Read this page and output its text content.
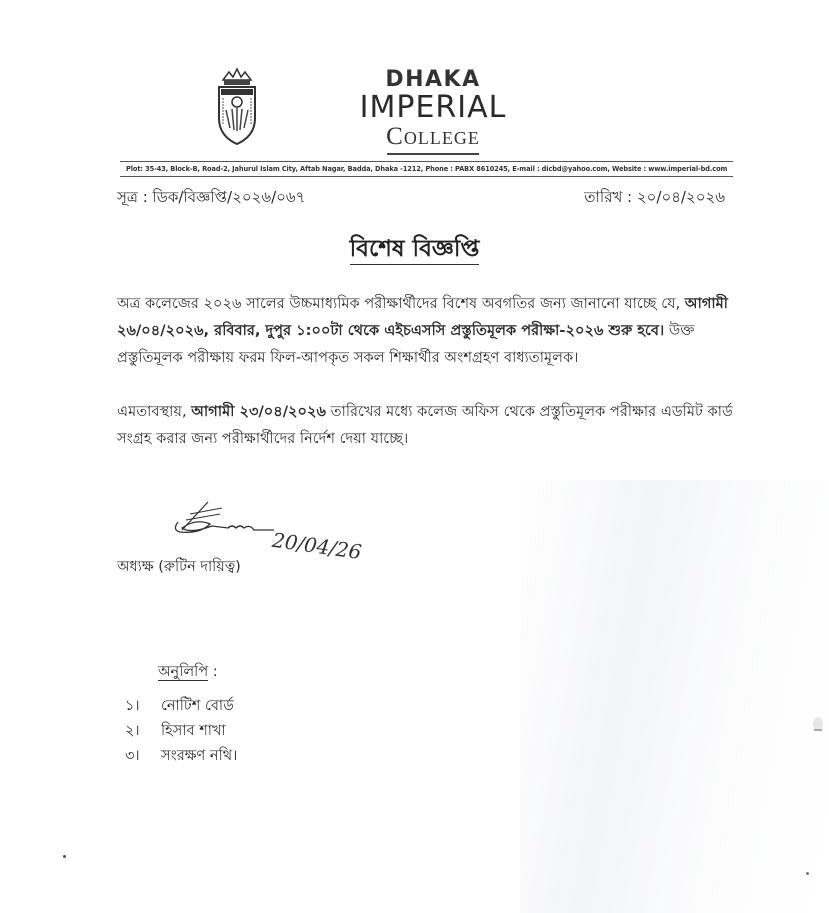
DHAKA
IMPERIAL
College
Plot: 35-43, Block-B, Road-2, Jahurul Islam City, Aftab Nagar, Badda, Dhaka -1212, Phone : PABX 8610245, E-mail : dicbd@yahoo.com, Website : www.imperial-bd.com
সূত্র : ডিক/বিজ্ঞপ্তি/২০২৬/০৬৭	তারিখ : ২০/০৪/২০২৬
বিশেষ বিজ্ঞপ্তি
অত্র কলেজের ২০২৬ সালের উচ্চমাধ্যমিক পরীক্ষার্থীদের বিশেষ অবগতির জন্য জানানো যাচ্ছে যে, আগামী ২৬/০৪/২০২৬, রবিবার, দুপুর ১:০০টা থেকে এইচএসসি প্রস্তুতিমূলক পরীক্ষা-২০২৬ শুরু হবে। উক্ত প্রস্তুতিমূলক পরীক্ষায় ফরম ফিল-আপকৃত সকল শিক্ষার্থীর অংশগ্রহণ বাধ্যতামূলক।
এমতাবস্থায়, আগামী ২৩/০৪/২০২৬ তারিখের মধ্যে কলেজ অফিস থেকে প্রস্তুতিমূলক পরীক্ষার এডমিট কার্ড সংগ্রহ করার জন্য পরীক্ষার্থীদের নির্দেশ দেয়া যাচ্ছে।
20/04/26
অধ্যক্ষ (রুটিন দায়িত্ব)
অনুলিপি :
১। নোটিশ বোর্ড
২। হিসাব শাখা
৩। সংরক্ষণ নথি।
